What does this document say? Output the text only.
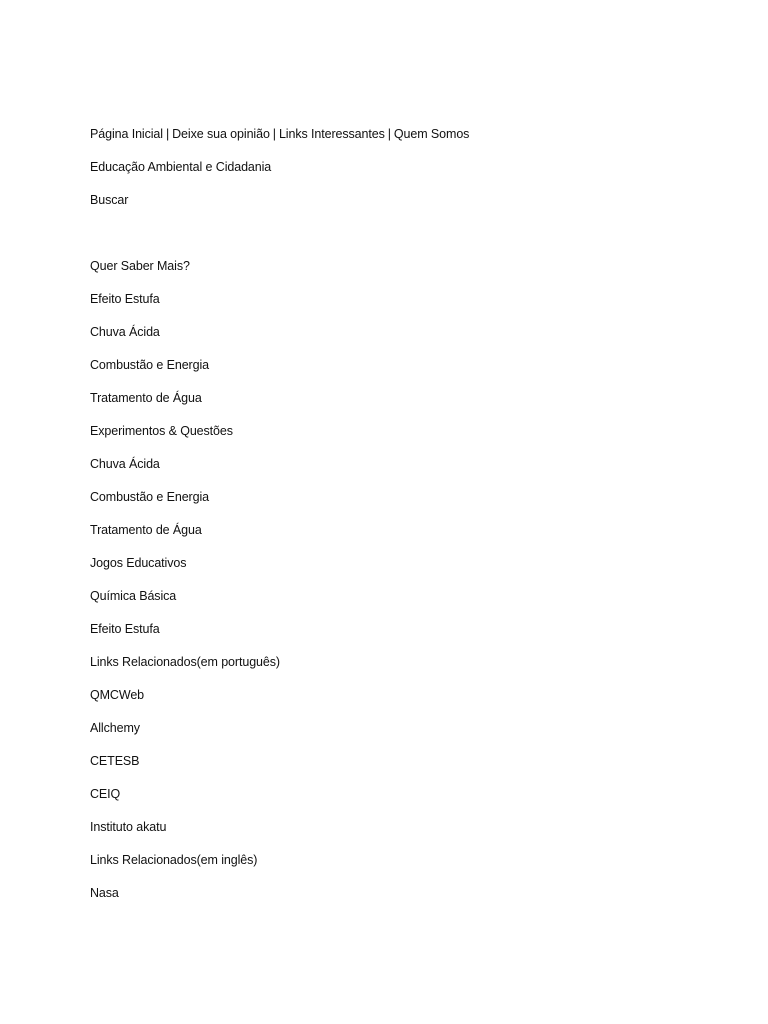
Página Inicial | Deixe sua opinião | Links Interessantes | Quem Somos
Educação Ambiental e Cidadania
Buscar
Quer Saber Mais?
Efeito Estufa
Chuva Ácida
Combustão e Energia
Tratamento de Água
Experimentos & Questões
Chuva Ácida
Combustão e Energia
Tratamento de Água
Jogos Educativos
Química Básica
Efeito Estufa
Links Relacionados(em português)
QMCWeb
Allchemy
CETESB
CEIQ
Instituto akatu
Links Relacionados(em inglês)
Nasa
